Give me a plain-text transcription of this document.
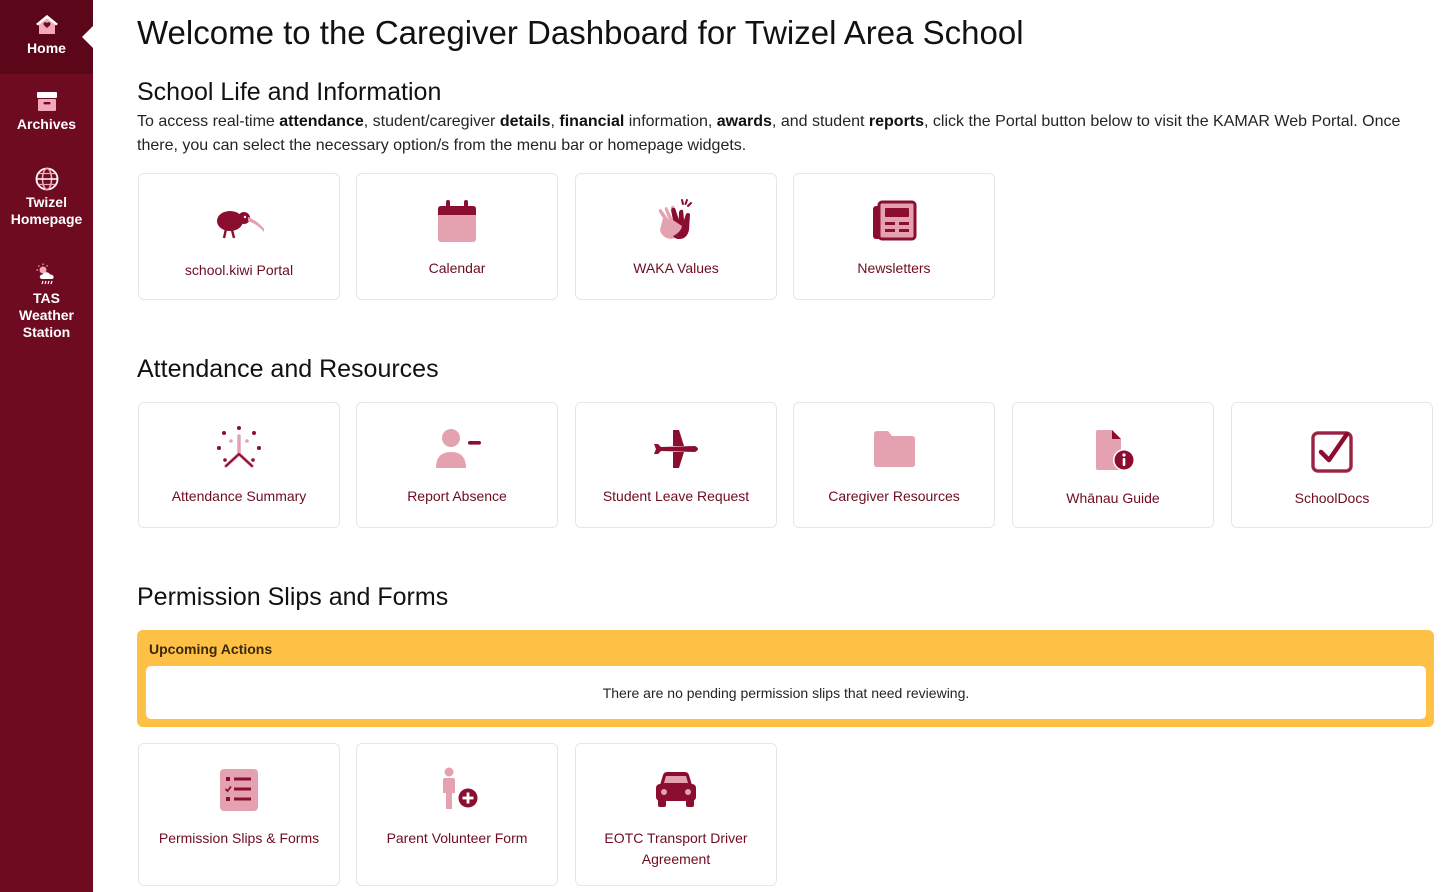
Home
Archives
Twizel Homepage
TAS Weather Station
Welcome to the Caregiver Dashboard for Twizel Area School
School Life and Information

To access real-time attendance, student/caregiver details, financial information, awards, and student reports, click the Portal button below to visit the KAMAR Web Portal. Once there, you can select the necessary option/s from the menu bar or homepage widgets.

school.kiwi Portal	Calendar	WAKA Values	Newsletters
Attendance and Resources
Attendance Summary	Report Absence	Student Leave Request	Caregiver Resources	Whānau Guide	SchoolDocs
Permission Slips and Forms
Upcoming Actions
There are no pending permission slips that need reviewing.
Permission Slips & Forms	Parent Volunteer Form	EOTC Transport Driver Agreement
